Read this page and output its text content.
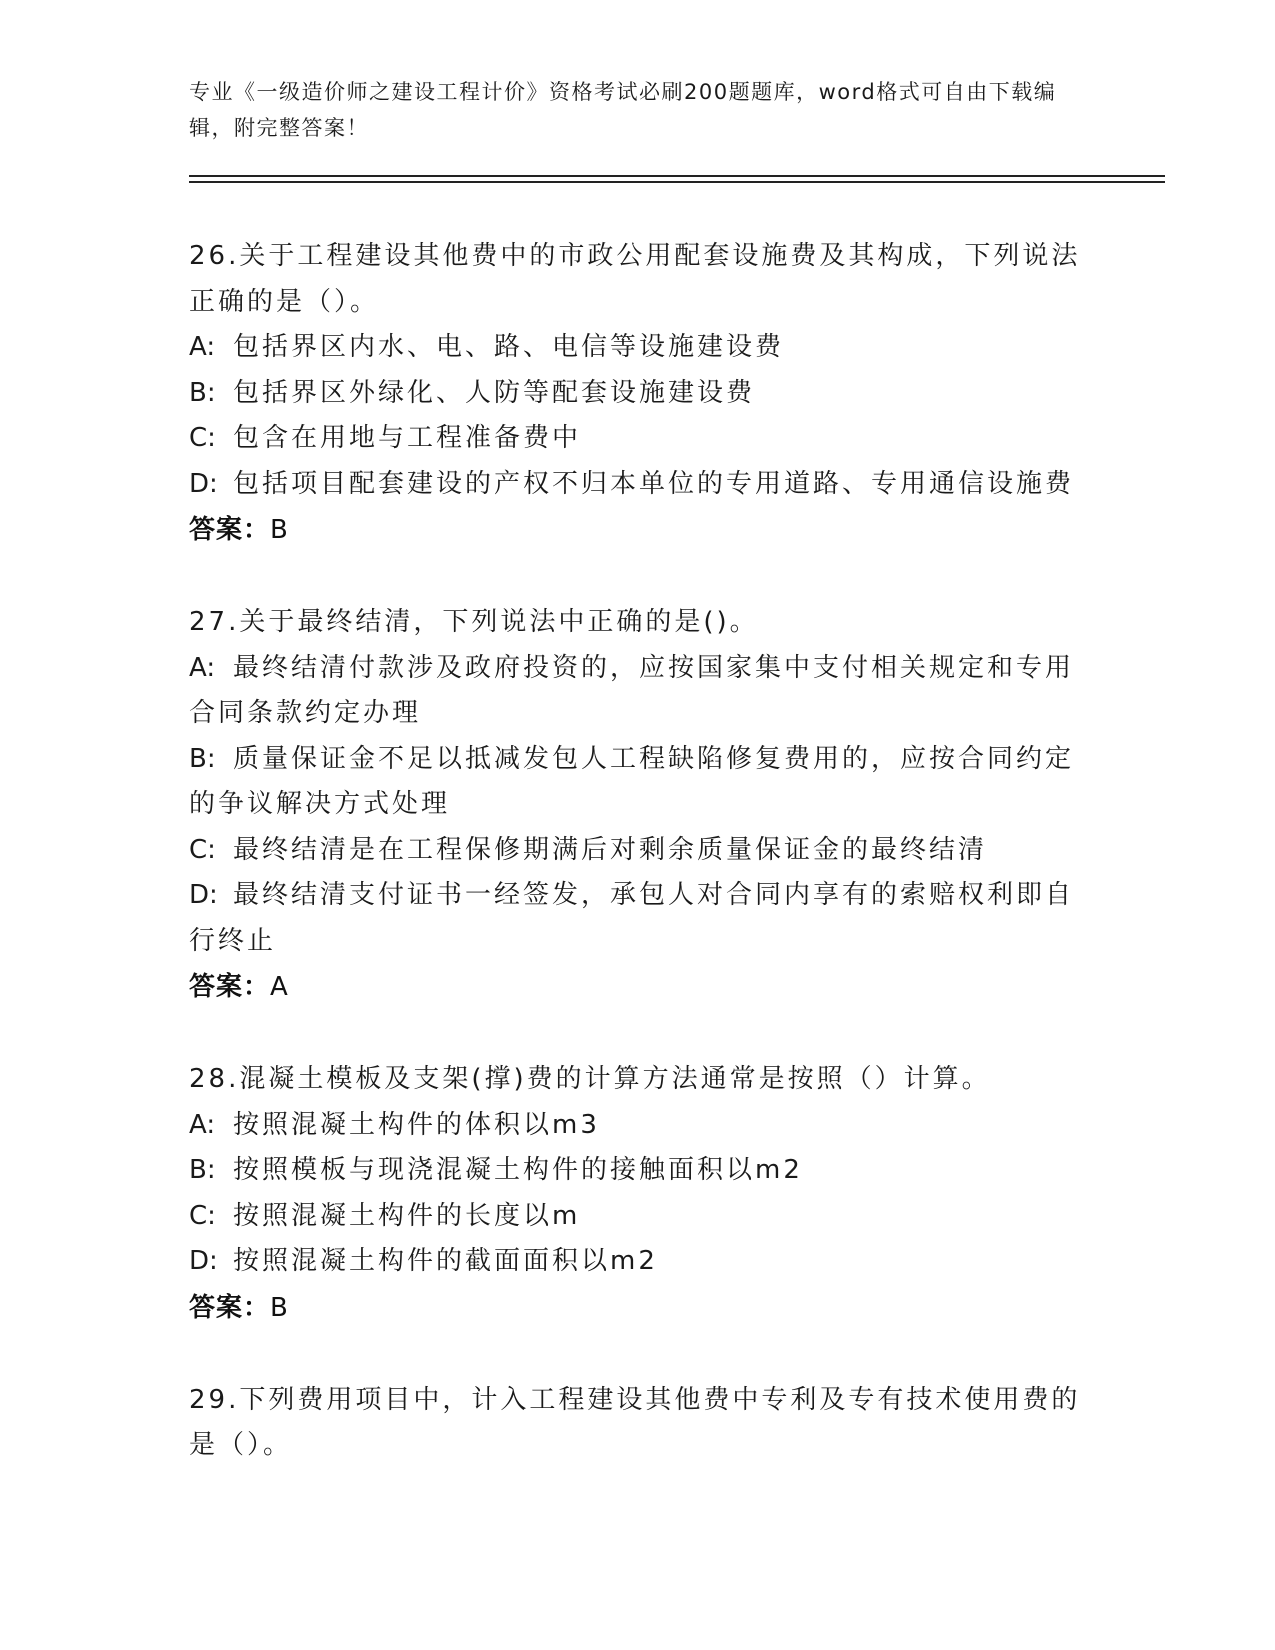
专业《一级造价师之建设工程计价》资格考试必刷200题题库，word格式可自由下载编辑，附完整答案！
26.关于工程建设其他费中的市政公用配套设施费及其构成，下列说法正确的是（）。
A: 包括界区内水、电、路、电信等设施建设费
B: 包括界区外绿化、人防等配套设施建设费
C: 包含在用地与工程准备费中
D: 包括项目配套建设的产权不归本单位的专用道路、专用通信设施费
答案：B
27.关于最终结清，下列说法中正确的是()。
A: 最终结清付款涉及政府投资的，应按国家集中支付相关规定和专用合同条款约定办理
B: 质量保证金不足以抵减发包人工程缺陷修复费用的，应按合同约定的争议解决方式处理
C: 最终结清是在工程保修期满后对剩余质量保证金的最终结清
D: 最终结清支付证书一经签发，承包人对合同内享有的索赔权利即自行终止
答案：A
28.混凝土模板及支架(撑)费的计算方法通常是按照（）计算。
A: 按照混凝土构件的体积以m3
B: 按照模板与现浇混凝土构件的接触面积以m2
C: 按照混凝土构件的长度以m
D: 按照混凝土构件的截面面积以m2
答案：B
29.下列费用项目中，计入工程建设其他费中专利及专有技术使用费的是（）。
